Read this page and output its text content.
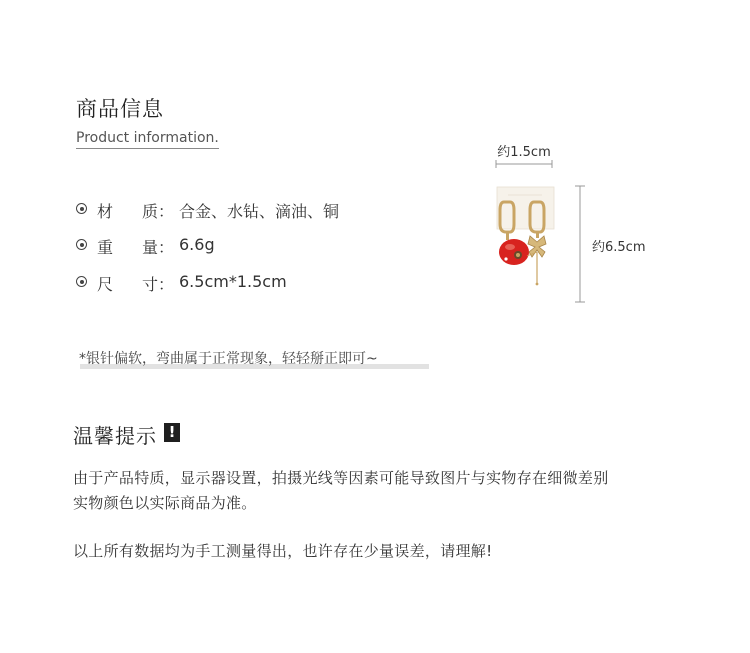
商品信息
Product information.
材 质 ： 合金、水钻、滴油、铜
重 量 ： 6.6g
尺 寸 ： 6.5cm*1.5cm
约1.5cm
约6.5cm
*银针偏软，弯曲属于正常现象，轻轻掰正即可~
温馨提示 !
由于产品特质，显示器设置，拍摄光线等因素可能导致图片与实物存在细微差别
实物颜色以实际商品为准。
以上所有数据均为手工测量得出，也许存在少量误差，请理解!
